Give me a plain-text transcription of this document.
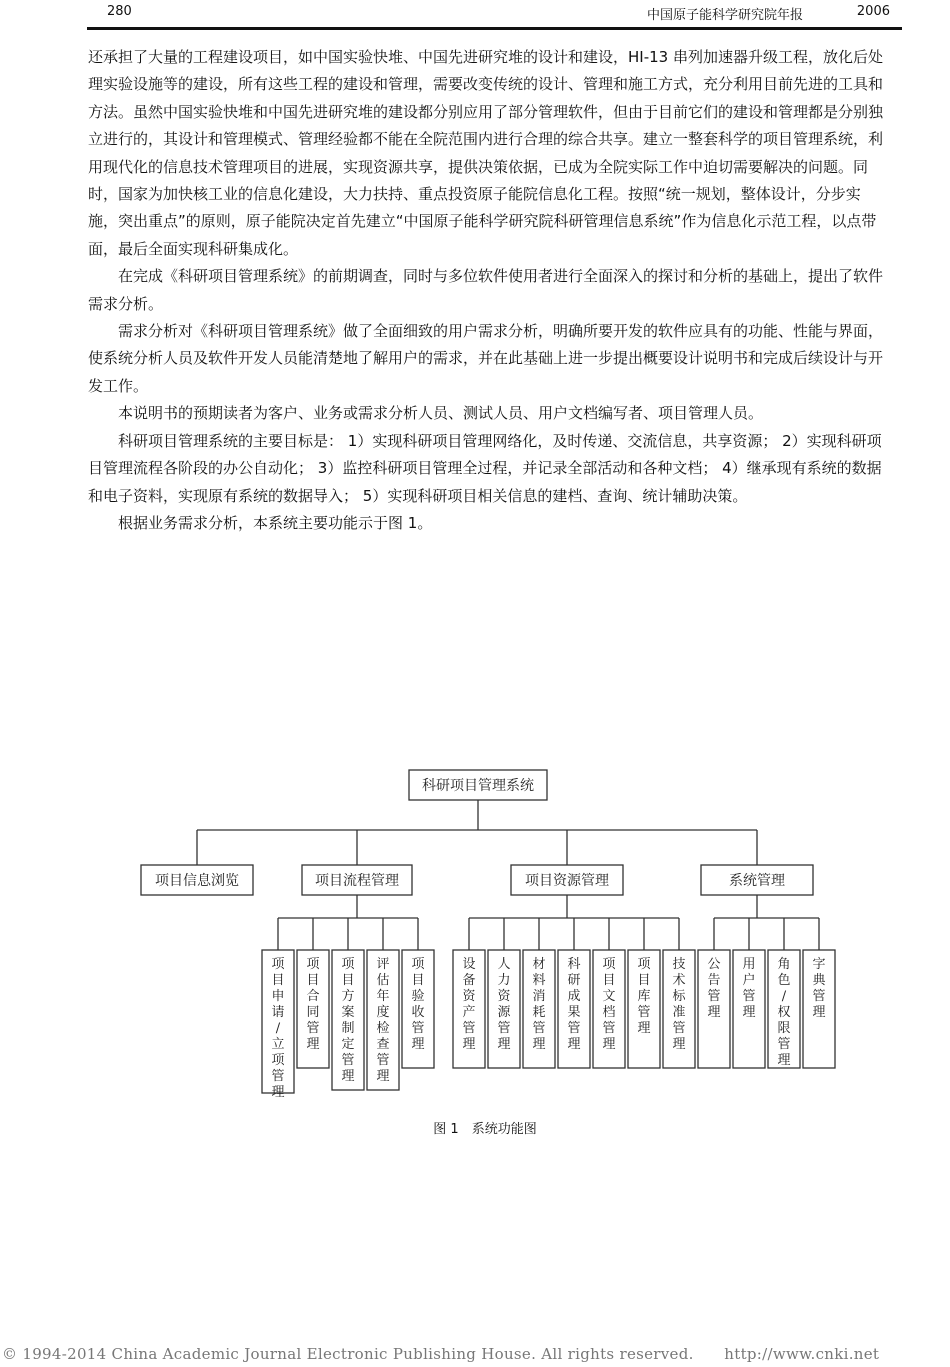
280	中国原子能科学研究院年报	2006

还承担了大量的工程建设项目，如中国实验快堆、中国先进研究堆的设计和建设，HI-13 串列加速器升级工程，放化后处理实验设施等的建设，所有这些工程的建设和管理，需要改变传统的设计、管理和施工方式，充分利用目前先进的工具和方法。虽然中国实验快堆和中国先进研究堆的建设都分别应用了部分管理软件，但由于目前它们的建设和管理都是分别独立进行的，其设计和管理模式、管理经验都不能在全院范围内进行合理的综合共享。建立一整套科学的项目管理系统，利用现代化的信息技术管理项目的进展，实现资源共享，提供决策依据，已成为全院实际工作中迫切需要解决的问题。同时，国家为加快核工业的信息化建设，大力扶持、重点投资原子能院信息化工程。按照“统一规划，整体设计，分步实施，突出重点”的原则，原子能院决定首先建立“中国原子能科学研究院科研管理信息系统”作为信息化示范工程，以点带面，最后全面实现科研集成化。

在完成《科研项目管理系统》的前期调查，同时与多位软件使用者进行全面深入的探讨和分析的基础上，提出了软件需求分析。

需求分析对《科研项目管理系统》做了全面细致的用户需求分析，明确所要开发的软件应具有的功能、性能与界面，使系统分析人员及软件开发人员能清楚地了解用户的需求，并在此基础上进一步提出概要设计说明书和完成后续设计与开发工作。

本说明书的预期读者为客户、业务或需求分析人员、测试人员、用户文档编写者、项目管理人员。

科研项目管理系统的主要目标是： 1）实现科研项目管理网络化，及时传递、交流信息，共享资源； 2）实现科研项目管理流程各阶段的办公自动化； 3）监控科研项目管理全过程，并记录全部活动和各种文档； 4）继承现有系统的数据和电子资料，实现原有系统的数据导入； 5）实现科研项目相关信息的建档、查询、统计辅助决策。

根据业务需求分析，本系统主要功能示于图 1。

科研项目管理系统
项目信息浏览	项目流程管理	项目资源管理	系统管理
项目申请/立项管理
项目合同管理
项目方案制定管理
评估年度检查管理
项目验收管理
设备资产管理
人力资源管理
材料消耗管理
科研成果管理
项目文档管理
项目库管理
技术标准管理
公告管理
用户管理
角色/权限管理
字典管理
图 1　系统功能图
© 1994-2014 China Academic Journal Electronic Publishing House. All rights reserved.　　http://www.cnki.net
